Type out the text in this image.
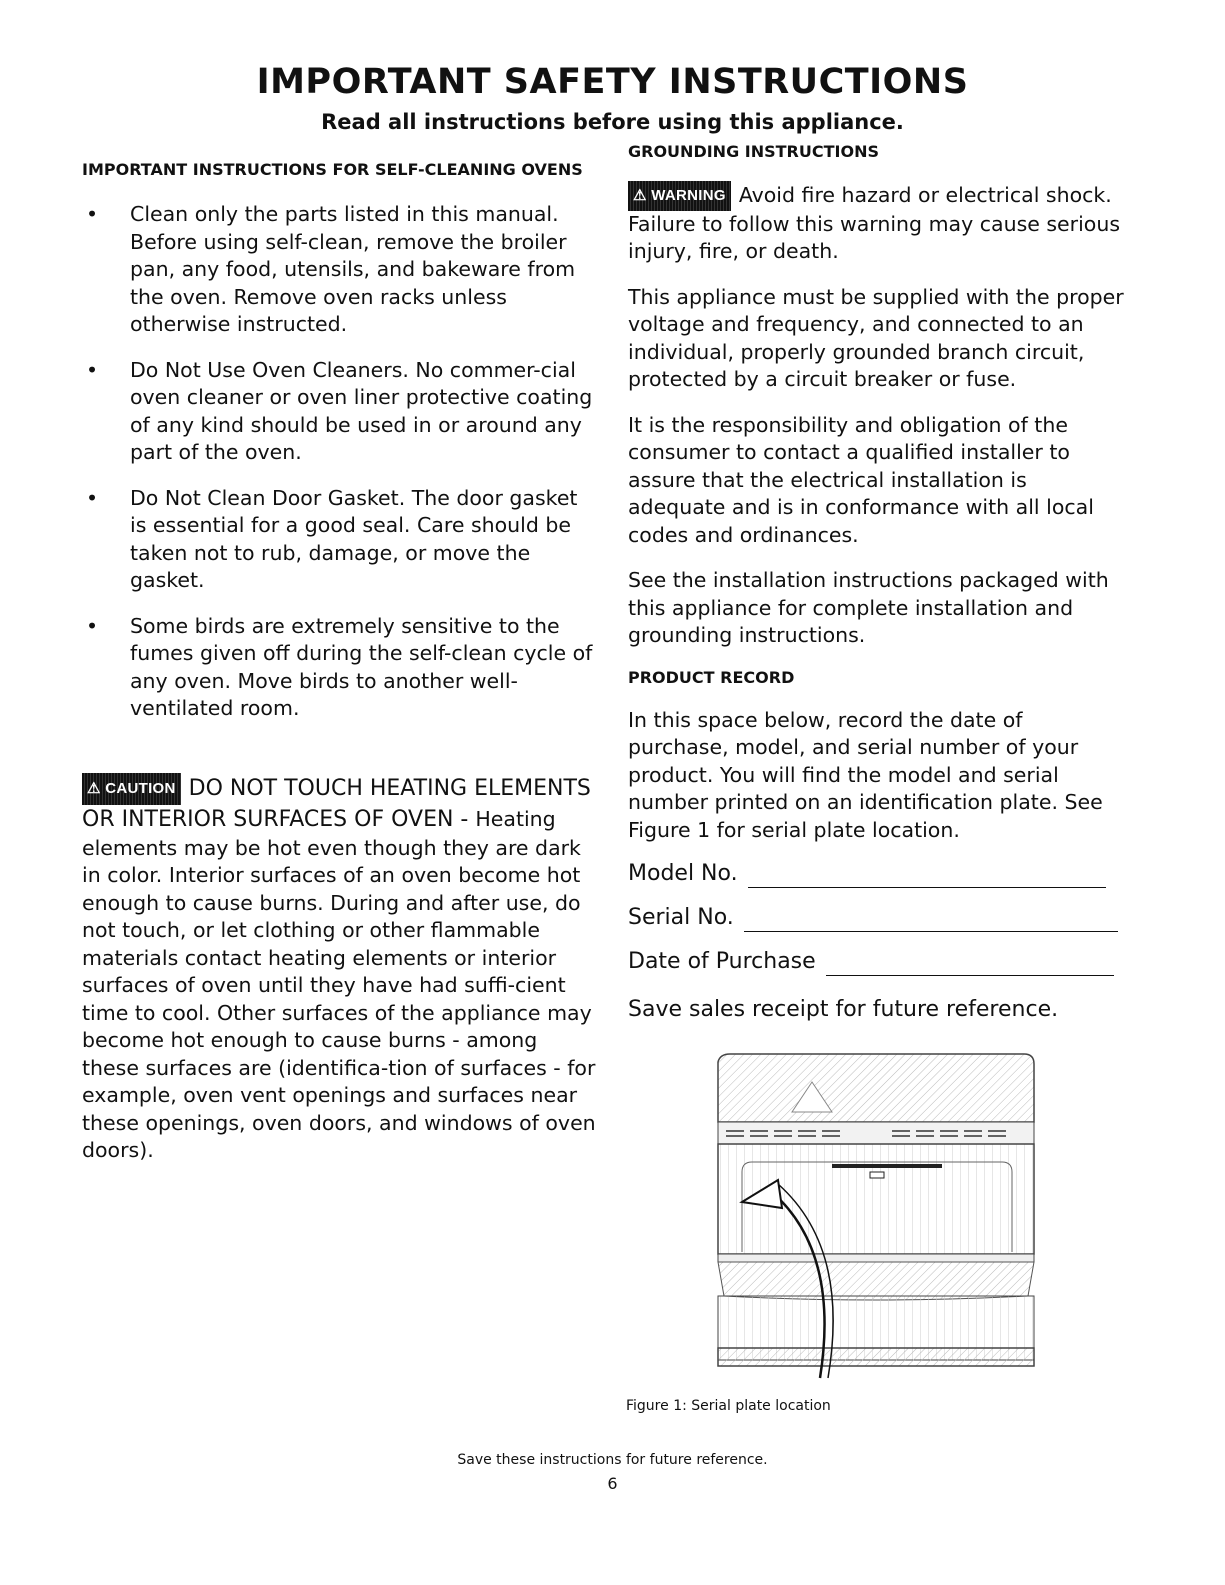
IMPORTANT SAFETY INSTRUCTIONS
Read all instructions before using this appliance.

IMPORTANT INSTRUCTIONS FOR SELF-CLEANING OVENS

• Clean only the parts listed in this manual. Before using self-clean, remove the broiler pan, any food, utensils, and bakeware from the oven. Remove oven racks unless otherwise instructed.
• Do Not Use Oven Cleaners. No commer-cial oven cleaner or oven liner protective coating of any kind should be used in or around any part of the oven.
• Do Not Clean Door Gasket. The door gasket is essential for a good seal. Care should be taken not to rub, damage, or move the gasket.
• Some birds are extremely sensitive to the fumes given off during the self-clean cycle of any oven. Move birds to another well-ventilated room.
⚠ CAUTION DO NOT TOUCH HEATING ELEMENTS OR INTERIOR SURFACES OF OVEN - Heating elements may be hot even though they are dark in color. Interior surfaces of an oven become hot enough to cause burns. During and after use, do not touch, or let clothing or other flammable materials contact heating elements or interior surfaces of oven until they have had suffi-cient time to cool. Other surfaces of the appliance may become hot enough to cause burns - among these surfaces are (identifica-tion of surfaces - for example, oven vent openings and surfaces near these openings, oven doors, and windows of oven doors).

GROUNDING INSTRUCTIONS

⚠ WARNING Avoid fire hazard or electrical shock. Failure to follow this warning may cause serious injury, fire, or death.

This appliance must be supplied with the proper voltage and frequency, and connected to an individual, properly grounded branch circuit, protected by a circuit breaker or fuse.

It is the responsibility and obligation of the consumer to contact a qualified installer to assure that the electrical installation is adequate and is in conformance with all local codes and ordinances.

See the installation instructions packaged with this appliance for complete installation and grounding instructions.

PRODUCT RECORD

In this space below, record the date of purchase, model, and serial number of your product. You will find the model and serial number printed on an identification plate. See Figure 1 for serial plate location.

Model No.
Serial No.
Date of Purchase

Save sales receipt for future reference.

Figure 1: Serial plate location
Save these instructions for future reference.
6
